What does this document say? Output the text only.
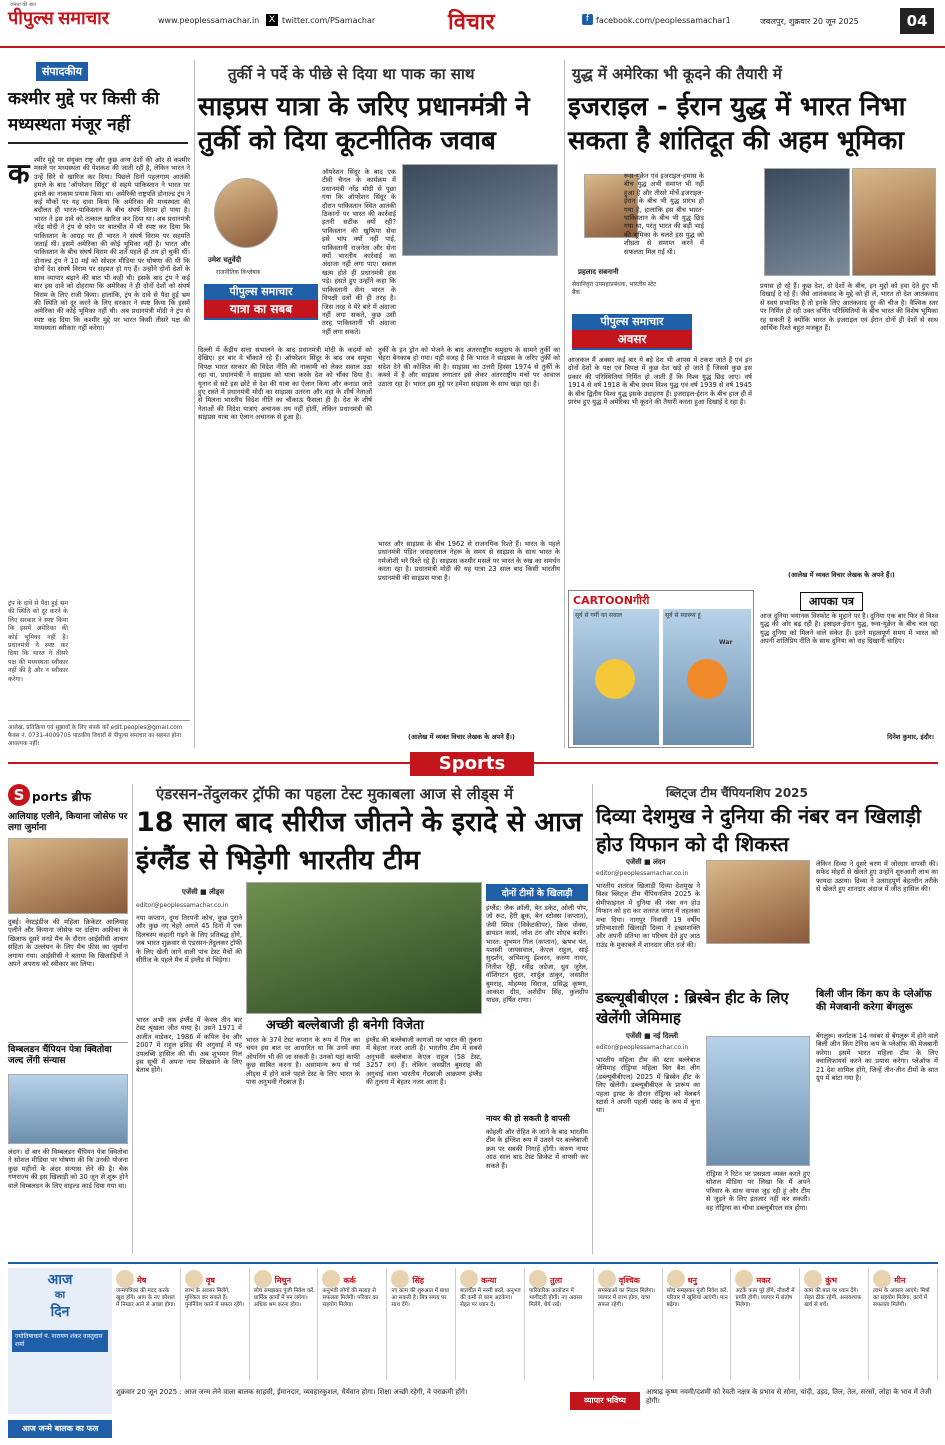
पीपुल्स समाचार
जनता की बात
www.peoplessamachar.in	X twitter.com/PSamachar	विचार	f facebook.com/peoplessamachar1	जबलपुर, शुक्रवार 20 जून 2025	04
संपादकीय
कश्मीर मुद्दे पर किसी की मध्यस्थता मंजूर नहीं
क श्मीर मुद्दे पर संयुक्त राष्ट्र और कुछ अन्य देशों की ओर से कश्मीर मसले पर मध्यस्थता की पेशकश की जाती रही है, लेकिन भारत ने उन्हें सिरे से खारिज कर दिया। पिछले दिनों पहलगाम आतंकी हमले के बाद 'ऑपरेशन सिंदूर' से सहमे पाकिस्तान ने भारत पर हमले का नाकाम प्रयास किया था। अमेरिकी राष्ट्रपति डोनाल्ड ट्रंप ने कई मौकों पर यह दावा किया कि अमेरिका की मध्यस्थता की बदौलत ही भारत-पाकिस्तान के बीच संघर्ष विराम हो पाया है। भारत ने इस दावे को तत्काल खारिज कर दिया था। अब प्रधानमंत्री नरेंद्र मोदी ने ट्रंप से फोन पर बातचीत में भी स्पष्ट कर दिया कि पाकिस्तान के आग्रह पर ही भारत ने संघर्ष विराम पर सहमति जताई थी। इसमें अमेरिका की कोई भूमिका नहीं है। भारत और पाकिस्तान के बीच संघर्ष विराम की शर्तें पहले ही तय हो चुकी थीं। डोनाल्ड ट्रंप ने 10 मई को सोशल मीडिया पर घोषणा की थी कि दोनों देश संघर्ष विराम पर सहमत हो गए हैं। उन्होंने दोनों देशों के साथ व्यापार बढ़ाने की बात भी कही थी। इसके बाद ट्रंप ने कई बार इस दावे को दोहराया कि अमेरिका ने ही दोनों देशों को संघर्ष विराम के लिए राजी किया। हालांकि, ट्रंप के दावे से पैदा हुई भ्रम की स्थिति को दूर करने के लिए सरकार ने स्पष्ट किया कि इसमें अमेरिका की कोई भूमिका नहीं थी। अब प्रधानमंत्री मोदी ने ट्रंप से स्पष्ट कह दिया कि कश्मीर मुद्दे पर भारत किसी तीसरे पक्ष की मध्यस्थता स्वीकार नहीं करेगा।
ट्रंप के दावे से पैदा हुई भ्रम की स्थिति को दूर करने के लिए सरकार ने स्पष्ट किया कि इसमें अमेरिका की कोई भूमिका नहीं है। प्रधानमंत्री ने स्पष्ट कर दिया कि भारत ने तीसरे पक्ष की मध्यस्थता स्वीकार नहीं की है और न स्वीकार करेगा।
आलेख, प्रतिक्रिया एवं सुझावों के लिए संपर्क करें edit.peoples@gmail.com फैक्स नं. 0731-4009705 पाठकीय विचारों से पीपुल्स समाचार का सहमत होना आवश्यक नहीं।
तुर्की ने पर्दे के पीछे से दिया था पाक का साथ
साइप्रस यात्रा के जरिए प्रधानमंत्री ने तुर्की को दिया कूटनीतिक जवाब
उमेश चतुर्वेदी
राजनीतिक विश्लेषक
पीपुल्स समाचार
यात्रा का सबब
ऑपरेशन सिंदूर के बाद एक टीवी चैनल के कार्यक्रम में प्रधानमंत्री नरेंद्र मोदी से पूछा गया कि ऑपरेशन सिंदूर के दौरान पाकिस्तान स्थित आतंकी ठिकानों पर भारत की कार्रवाई इतनी सटीक क्यों रही? पाकिस्तान की खुफिया सेवा इसे भांप क्यों नहीं पाई, पाकिस्तानी राजनेता और सेना क्यों भारतीय कार्रवाई का अंदाजा नहीं लगा पाए। सवाल खत्म होते ही प्रधानमंत्री हंस पड़े। हंसते हुए उन्होंने कहा कि पाकिस्तानी सेना भारत के विपक्षी दलों की ही तरह है। जिस तरह वे मेरे बारे में अंदाजा नहीं लगा सकते, कुछ उसी तरह पाकिस्तानी भी अंदाजा नहीं लगा सकते।
दिल्ली में केंद्रीय सत्ता संभालने के बाद प्रधानमंत्री मोदी के कदमों को देखिए। हर बार वे चौंकाते रहे हैं। ऑपरेशन सिंदूर के बाद जब समूचा विपक्ष भारत सरकार की विदेश नीति की नाकामी को लेकर सवाल उठा रहा था, प्रधानमंत्री ने साइप्रस को यात्रा करके देश को चौंका दिया है। यूनान से सटे इस छोटे से देश की यात्रा का ऐलान किया और कनाडा जाते हुए रास्ते में प्रधानमंत्री मोदी का साइप्रस उतरना और वहां के शीर्ष नेताओं से मिलना भारतीय विदेश नीति का चौंकाऊ फैसला ही है। देश के शीर्ष नेताओं की विदेश यात्राएं अचानक तय नहीं होतीं, लेकिन प्रधानमंत्री की साइप्रस यात्रा का ऐलान अचानक से हुआ है।
तुर्की के इन ड्रोन को भेजने के बाद अंतरराष्ट्रीय समुदाय के सामने तुर्की का चेहरा बेनकाब हो गया। यही वजह है कि भारत ने साइप्रस के जरिए तुर्की को संदेश देने की कोशिश की है। साइप्रस का उत्तरी हिस्सा 1974 से तुर्की के कब्जे में है और साइप्रस लगातार इसे लेकर अंतरराष्ट्रीय मंचों पर आवाज उठाता रहा है। भारत इस मुद्दे पर हमेशा साइप्रस के साथ खड़ा रहा है।
भारत और साइप्रस के बीच 1962 से राजनयिक रिश्ते हैं। भारत के पहले प्रधानमंत्री पंडित जवाहरलाल नेहरू के समय से साइप्रस के साथ भारत के गर्मजोशी भरे रिश्ते रहे हैं। साइप्रस कश्मीर मसले पर भारत के रुख का समर्थन करता रहा है। प्रधानमंत्री मोदी की यह यात्रा 23 साल बाद किसी भारतीय प्रधानमंत्री की साइप्रस यात्रा है।
(आलेख में व्यक्त विचार लेखक के अपने हैं।)
युद्ध में अमेरिका भी कूदने की तैयारी में
इजराइल - ईरान युद्ध में भारत निभा सकता है शांतिदूत की अहम भूमिका
प्रहलाद सबनानी
सेवानिवृत्त उपमहाप्रबंधक, भारतीय स्टेट बैंक
रूस-यूक्रेन एवं इजराइल-हमास के बीच युद्ध अभी समाप्त भी नहीं हुआ है और तीसरे मोर्चे इजराइल-ईरान के बीच भी युद्ध प्रारंभ हो गया है, हालांकि इस बीच भारत-पाकिस्तान के बीच भी युद्ध छिड़ गया था, परंतु भारत की बड़ी भाई की भूमिका के चलते इस युद्ध को शीघ्रता से समाप्त करने में सफलता मिल गई थी।
पीपुल्स समाचार
अवसर
आजकल मैं अक्सर कई बार ये बड़े देश भी आपस में टकरा जाते हैं एवं इन दोनों देशों के पक्ष एवं विपक्ष में कुछ देश खड़े हो जाते हैं जिससे कुछ इस प्रकार की परिस्थितियां निर्मित हो जाती हैं कि विश्व युद्ध छिड़ जाए। वर्ष 1914 से वर्ष 1918 के बीच प्रथम विश्व युद्ध एवं वर्ष 1939 से वर्ष 1945 के बीच द्वितीय विश्व युद्ध इसके उदाहरण हैं। इजराइल-ईरान के बीच हाल ही में प्रारंभ हुए युद्ध में अमेरिका भी कूदने की तैयारी करता हुआ दिखाई दे रहा है।
प्रयास हो रहे हैं। कुछ देश, दो देशों के बीच, इन मुद्दों को हवा देते हुए भी दिखाई दे रहे हैं। जैसे आतंकवाद के मुद्दे को ही लें, भारत तो देश आतंकवाद से स्वयं प्रभावित है तो इनके लिए आतंकवाद दूर की चीज है। वैश्विक स्तर पर निर्मित हो रही उक्त वर्णित परिस्थितियों के बीच भारत की विशेष भूमिका रह सकती है क्योंकि भारत के इजराइल एवं ईरान दोनों ही देशों से साथ आर्थिक रिश्ते बहुत मजबूत हैं।
(आलेख में व्यक्त विचार लेखक के अपने हैं।)
CARTOONगीरी
सूर्य से गर्मी का सवाल	सूर्य से स्वास्थ्य हूं
War
आपका पत्र
आज दुनिया भयानक विस्फोट के मुहाने पर है। दुनिया एक बार फिर से विश्व युद्ध की ओर बढ़ रही है। इस्राइल-ईरान युद्ध, रूस-यूक्रेन के बीच चल रहा युद्ध दुनिया को मिलने वाले संकेत हैं। इतने महत्वपूर्ण समय में भारत को अपनी शांतिप्रिय नीति के साथ दुनिया को राह दिखानी चाहिए।
दिनेश कुमार, इंदौर।
Sports
S ports ब्रीफ
आलियाह एलीने, कियाना जोसेफ पर लगा जुर्माना
दुबई। वेस्टइंडीज की महिला क्रिकेटर आलियाह एलीने और कियाना जोसेफ पर दक्षिण अफ्रीका के खिलाफ दूसरे वनडे मैच के दौरान आईसीसी आचार संहिता के उल्लंघन के लिए मैच फीस का जुर्माना लगाया गया। आईसीसी ने बताया कि खिलाड़ियों ने अपने अपराध को स्वीकार कर लिया।
विम्बलडन चैंपियन पेत्रा क्वितोवा जल्द लेंगी संन्यास
लंदन। दो बार की विम्बलडन चैंपियन पेत्रा क्वितोवा ने सोशल मीडिया पर घोषणा की कि उनकी योजना कुछ महीनों के अंदर संन्यास लेने की है। चेक गणराज्य की इस खिलाड़ी को 30 जून से शुरू होने वाले विम्बलडन के लिए वाइल्ड कार्ड दिया गया था।
एंडरसन-तेंदुलकर ट्रॉफी का पहला टेस्ट मुकाबला आज से लीड्स में
18 साल बाद सीरीज जीतने के इरादे से आज इंग्लैंड से भिड़ेगी भारतीय टीम
एजेंसी ■ लीड्स
editor@peoplessamachar.co.in
नया कप्तान, दुग्ध तिरपनी कोच, कुछ पुराने और कुछ नए चेहरे अगले 45 दिनों में एक दिलचस्प कहानी गढ़ने के लिए प्रतिबद्ध होंगे, जब भारत शुक्रवार से एंडरसन-तेंदुलकर ट्रॉफी के लिए खेली जाने वाली पांच टेस्ट मैचों की सीरीज के पहले मैच में इंग्लैंड से भिड़ेगा।
भारत अभी तक इंग्लैंड में केवल तीन बार टेस्ट श्रृंखला जीत पाया है। उसने 1971 में अजीत वाडेकर, 1986 में कपिल देव और 2007 में राहुल द्रविड़ की अगुवाई में यह उपलब्धि हासिल की थी। अब शुभमन गिल इस सूची में अपना नाम लिखवाने के लिए बेताब होंगे।
अच्छी बल्लेबाजी ही बनेगी विजेता
भारत के 37वें टेस्ट कप्तान के रूप में गिल का चयन इस बात पर आधारित था कि उनमें क्या ओपनिंग भी की जा सकती है। उनको यहां काफी कुछ साबित करना है। असामान्य रूप से गर्म लीड्स में होने वाले पहले टेस्ट के लिए भारत के पास अनुभवी गेंदबाज हैं।
इंग्लैंड की बल्लेबाजी कागजों पर भारत की तुलना में बेहतर नजर आती है। भारतीय टीम में सबसे अनुभवी बल्लेबाज केएल राहुल (58 टेस्ट, 3257 रन) हैं। लेकिन जसप्रीत बुमराह की अगुवाई वाला भारतीय गेंदबाजी आक्रमण इंग्लैंड की तुलना में बेहतर नजर आता है।
दोनों टीमों के खिलाड़ी
इंग्लैंड: जैक क्रॉली, बेन डकेट, ओली पोप, जो रूट, हैरी ब्रूक, बेन स्टोक्स (कप्तान), जेमी स्मिथ (विकेटकीपर), क्रिस वोक्स, ब्रायडन कार्स, जोश टंग और शोएब बशीर। भारत: शुभमन गिल (कप्तान), ऋषभ पंत, यशस्वी जायसवाल, केएल राहुल, साई सुदर्शन, अभिमन्यु ईश्वरन, करुण नायर, नितीश रेड्डी, रवींद्र जडेजा, ध्रुव जुरेल, वॉशिंगटन सुंदर, शार्दुल ठाकुर, जसप्रीत बुमराह, मोहम्मद सिराज, प्रसिद्ध कृष्णा, आकाश दीप, अर्शदीप सिंह, कुलदीप यादव, हर्षित राणा।
नायर की हो सकती है वापसी
कोहली और रोहित के जाने के बाद भारतीय टीम के इंग्लिश रूप में उतरने पर बल्लेबाजी क्रम पर सबकी निगाहें होंगी। करुण नायर आठ साल बाद टेस्ट क्रिकेट में वापसी कर सकते हैं।
ब्लिट्ज टीम चैंपियनशिप 2025
दिव्या देशमुख ने दुनिया की नंबर वन खिलाड़ी होउ यिफान को दी शिकस्त
एजेंसी ■ लंदन
editor@peoplessamachar.co.in
भारतीय शतरंज खिलाड़ी दिव्या देशमुख ने विश्व ब्लिट्ज टीम चैंपियनशिप 2025 के सेमीफाइनल में दुनिया की नंबर वन होउ यिफान को हरा कर शतरंज जगत में तहलका मचा दिया। नागपुर निवासी 19 वर्षीय प्रतिभाशाली खिलाड़ी दिव्या ने इच्छाशक्ति और अपनी प्रतिभा का परिचय देते हुए आठ राउंड के मुकाबले में शानदार जीत दर्ज की।
लेकिन दिव्या ने दूसरे चरण में जोरदार वापसी की। सफेद मोहरों से खेलते हुए उन्होंने शुरुआती लाभ का फायदा उठाया। दिव्या ने उत्साहपूर्ण बेहतरीन तरीके से खेलते हुए शानदार अंदाज में जीत हासिल की।
डब्ल्यूबीबीएल : ब्रिस्बेन हीट के लिए खेलेंगी जेमिमाह
एजेंसी ■ नई दिल्ली
editor@peoplessamachar.co.in
भारतीय महिला टीम की स्टार बल्लेबाज जेमिमाह रॉड्रिग्स महिला बिग बैश लीग (डब्ल्यूबीबीएल) 2025 में ब्रिस्बेन हीट के लिए खेलेंगी। डब्ल्यूबीबीएल के प्रारूप का पहला ड्राफ्ट के दौरान रॉड्रिग्स को मेलबर्न स्टार्स ने अपनी पहली पसंद के रूप में चुना था।
रॉड्रिग्स ने रिटेन पर प्रसन्नता व्यक्त करते हुए सोशल मीडिया पर लिखा कि मैं अपने परिवार के साथ वापस जुड़ रही हूं और टीम से जुड़ने के लिए इंतजार नहीं कर सकती। वह रॉड्रिग्स का चौथा डब्ल्यूबीएल सत्र होगा।
बिली जीन किंग कप के प्लेऑफ की मेजबानी करेगा बेंगलुरू
बेंगलुरू। कर्नाटक 14 नवंबर से बेंगलुरू में होने वाले बिली जीन किंग टेनिस कप के प्लेऑफ की मेजबानी करेगा। इसमें भारत महिला टीम के लिए क्वालिफायर्स करने का प्रयास करेगा। प्लेऑफ में 21 देश शामिल होंगे, जिन्हें तीन-तीन टीमों के सात ग्रुप में बांटा गया है।
आज
का
दिन
ज्योतिषाचार्य पं. नारायण शंकर वास्तुदास शर्मा
मेष
जन्मपत्रिका की मदद करके खुश होंगे। आप के नए कौशल में निखार आने से अच्छा होगा।
वृष
लाभ के अवसर मिलेंगे, मुश्किल कर सकते हैं। पुनर्निवेश करने में सफल रहेंगे।
मिथुन
सोच समझकर पूंजी निवेश करें, धार्मिक कार्यों में मन लगेगा। अधिक श्रम करना होगा।
कर्क
अनुभवी लोगों की सलाह से सफलता मिलेगी। परिवार का सहयोग मिलेगा।
सिंह
नए काम की शुरुआत में बाधा आ सकती है। मित्र समय पर साथ देंगे।
कन्या
बातचीत में नरमी बरतें, अनुभव की कमी से काम अटकेगा। सेहत पर ध्यान दें।
तुला
पारिवारिक आयोजन में भागीदारी होगी। नए अवसर मिलेंगे, धैर्य रखें।
वृश्चिक
समस्याओं का निदान मिलेगा। व्यापार में लाभ होगा, यात्रा सफल रहेगी।
धनु
सोच समझकर पूंजी निवेश करें, परिवार में खुशियां आएंगी। मान बढ़ेगा।
मकर
अटके काम पूरे होंगे, नौकरी में प्रगति होगी। व्यापार में संतोष मिलेगा।
कुंभ
काम की बात पर ध्यान देंगे। सेहत ठीक रहेगी, अनावश्यक खर्च से बचें।
मीन
लाभ के अवसर आएंगे। मित्रों का सहयोग मिलेगा, कार्य में सफलता मिलेगी।
आज जन्मे बालक का फल
शुक्रवार 20 जून 2025 : आज जन्म लेने वाला बालक साहसी, ईमानदार, व्यवहारकुशल, धैर्यवान होगा। शिक्षा अच्छी रहेगी, वे पराक्रमी होंगे।
व्यापार भविष्य
आषाढ़ कृष्ण नवमी/दशमी को रेवती नक्षत्र के प्रभाव से सोना, चांदी, उड़द, तिल, तेल, सरसों, लोहा के भाव में तेजी होगी।
